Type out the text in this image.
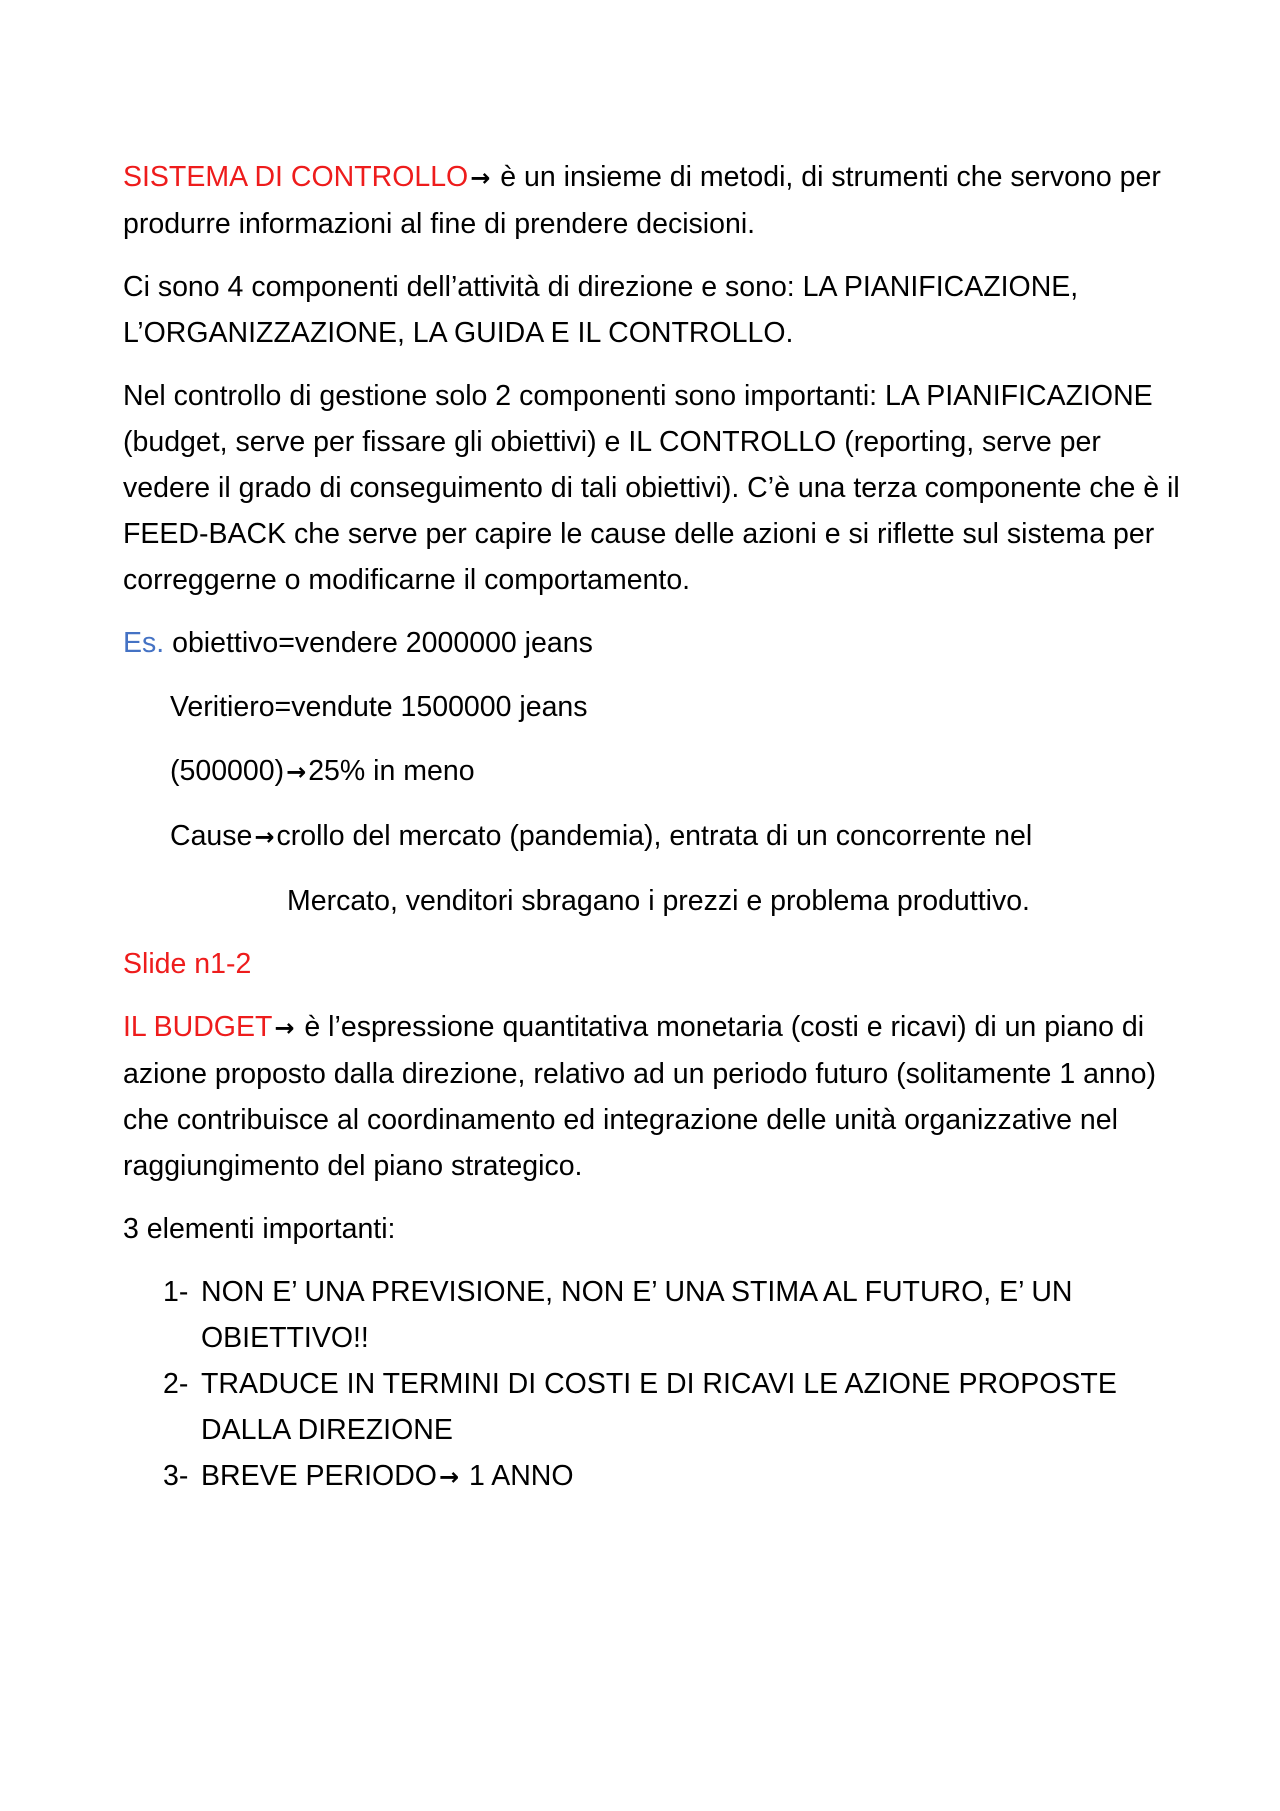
SISTEMA DI CONTROLLO→ è un insieme di metodi, di strumenti che servono per produrre informazioni al fine di prendere decisioni.

Ci sono 4 componenti dell’attività di direzione e sono: LA PIANIFICAZIONE, L’ORGANIZZAZIONE, LA GUIDA E IL CONTROLLO.

Nel controllo di gestione solo 2 componenti sono importanti: LA PIANIFICAZIONE (budget, serve per fissare gli obiettivi) e IL CONTROLLO (reporting, serve per vedere il grado di conseguimento di tali obiettivi). C’è una terza componente che è il FEED-BACK che serve per capire le cause delle azioni e si riflette sul sistema per correggerne o modificarne il comportamento.

Es. obiettivo=vendere 2000000 jeans

Veritiero=vendute 1500000 jeans

(500000)→25% in meno

Cause→crollo del mercato (pandemia), entrata di un concorrente nel

Mercato, venditori sbragano i prezzi e problema produttivo.

Slide n1-2

IL BUDGET→ è l’espressione quantitativa monetaria (costi e ricavi) di un piano di azione proposto dalla direzione, relativo ad un periodo futuro (solitamente 1 anno) che contribuisce al coordinamento ed integrazione delle unità organizzative nel raggiungimento del piano strategico.

3 elementi importanti:

1- NON E’ UNA PREVISIONE, NON E’ UNA STIMA AL FUTURO, E’ UN OBIETTIVO!!
2- TRADUCE IN TERMINI DI COSTI E DI RICAVI LE AZIONE PROPOSTE DALLA DIREZIONE
3- BREVE PERIODO→ 1 ANNO
